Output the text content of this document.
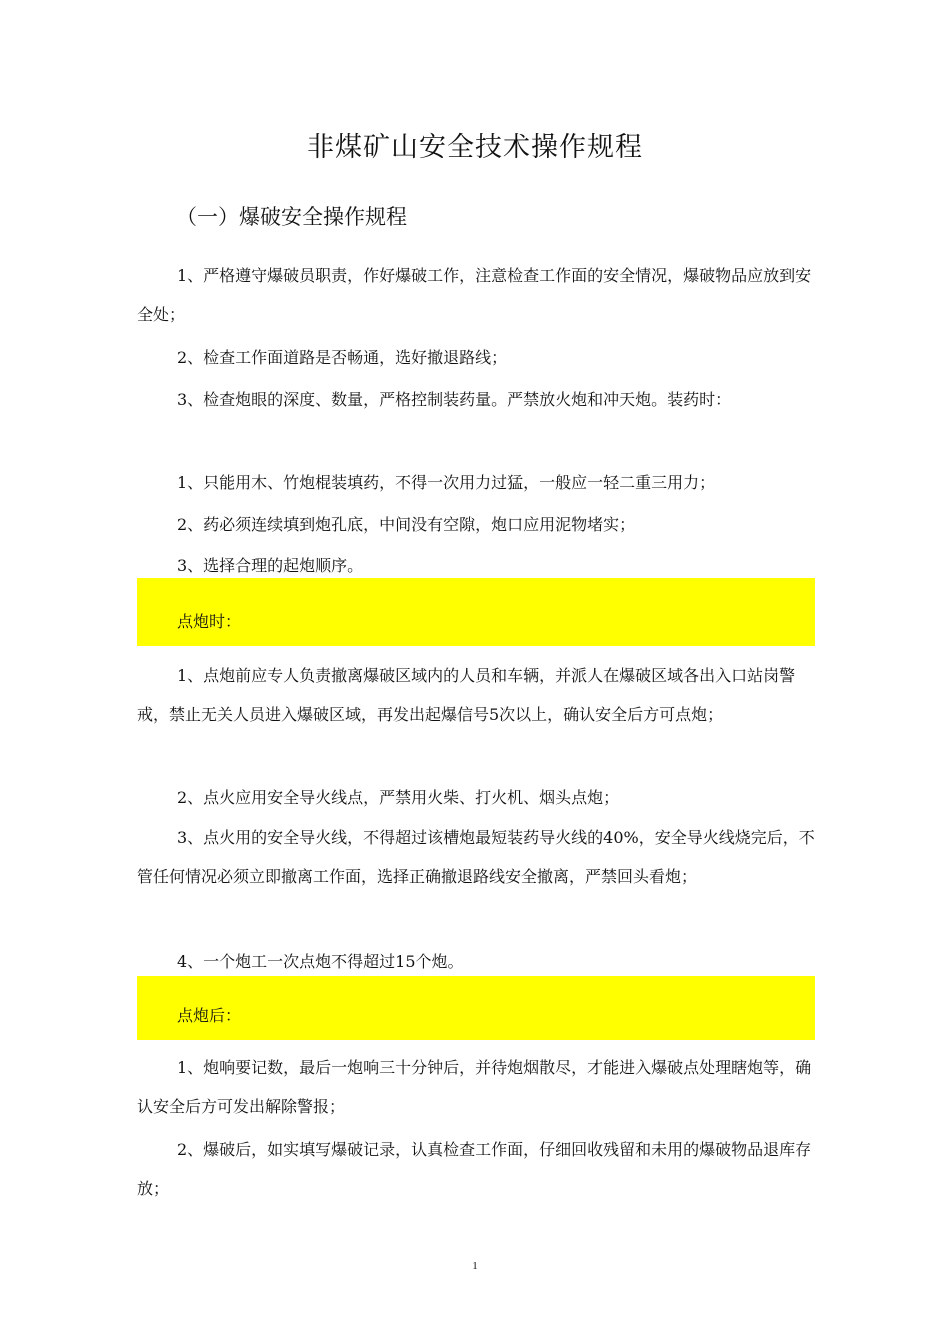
非煤矿山安全技术操作规程
（一）爆破安全操作规程

1、严格遵守爆破员职责，作好爆破工作，注意检查工作面的安全情况，爆破物品应放到安全处；

2、检查工作面道路是否畅通，选好撤退路线；

3、检查炮眼的深度、数量，严格控制装药量。严禁放火炮和冲天炮。装药时：

1、只能用木、竹炮棍装填药，不得一次用力过猛，一般应一轻二重三用力；

2、药必须连续填到炮孔底，中间没有空隙，炮口应用泥物堵实；

3、选择合理的起炮顺序。

点炮时：

1、点炮前应专人负责撤离爆破区域内的人员和车辆，并派人在爆破区域各出入口站岗警戒，禁止无关人员进入爆破区域，再发出起爆信号5次以上，确认安全后方可点炮；

2、点火应用安全导火线点，严禁用火柴、打火机、烟头点炮；

3、点火用的安全导火线，不得超过该槽炮最短装药导火线的40%，安全导火线烧完后，不管任何情况必须立即撤离工作面，选择正确撤退路线安全撤离，严禁回头看炮；

4、一个炮工一次点炮不得超过15个炮。

点炮后：

1、炮响要记数，最后一炮响三十分钟后，并待炮烟散尽，才能进入爆破点处理瞎炮等，确认安全后方可发出解除警报；

2、爆破后，如实填写爆破记录，认真检查工作面，仔细回收残留和未用的爆破物品退库存放；

1
